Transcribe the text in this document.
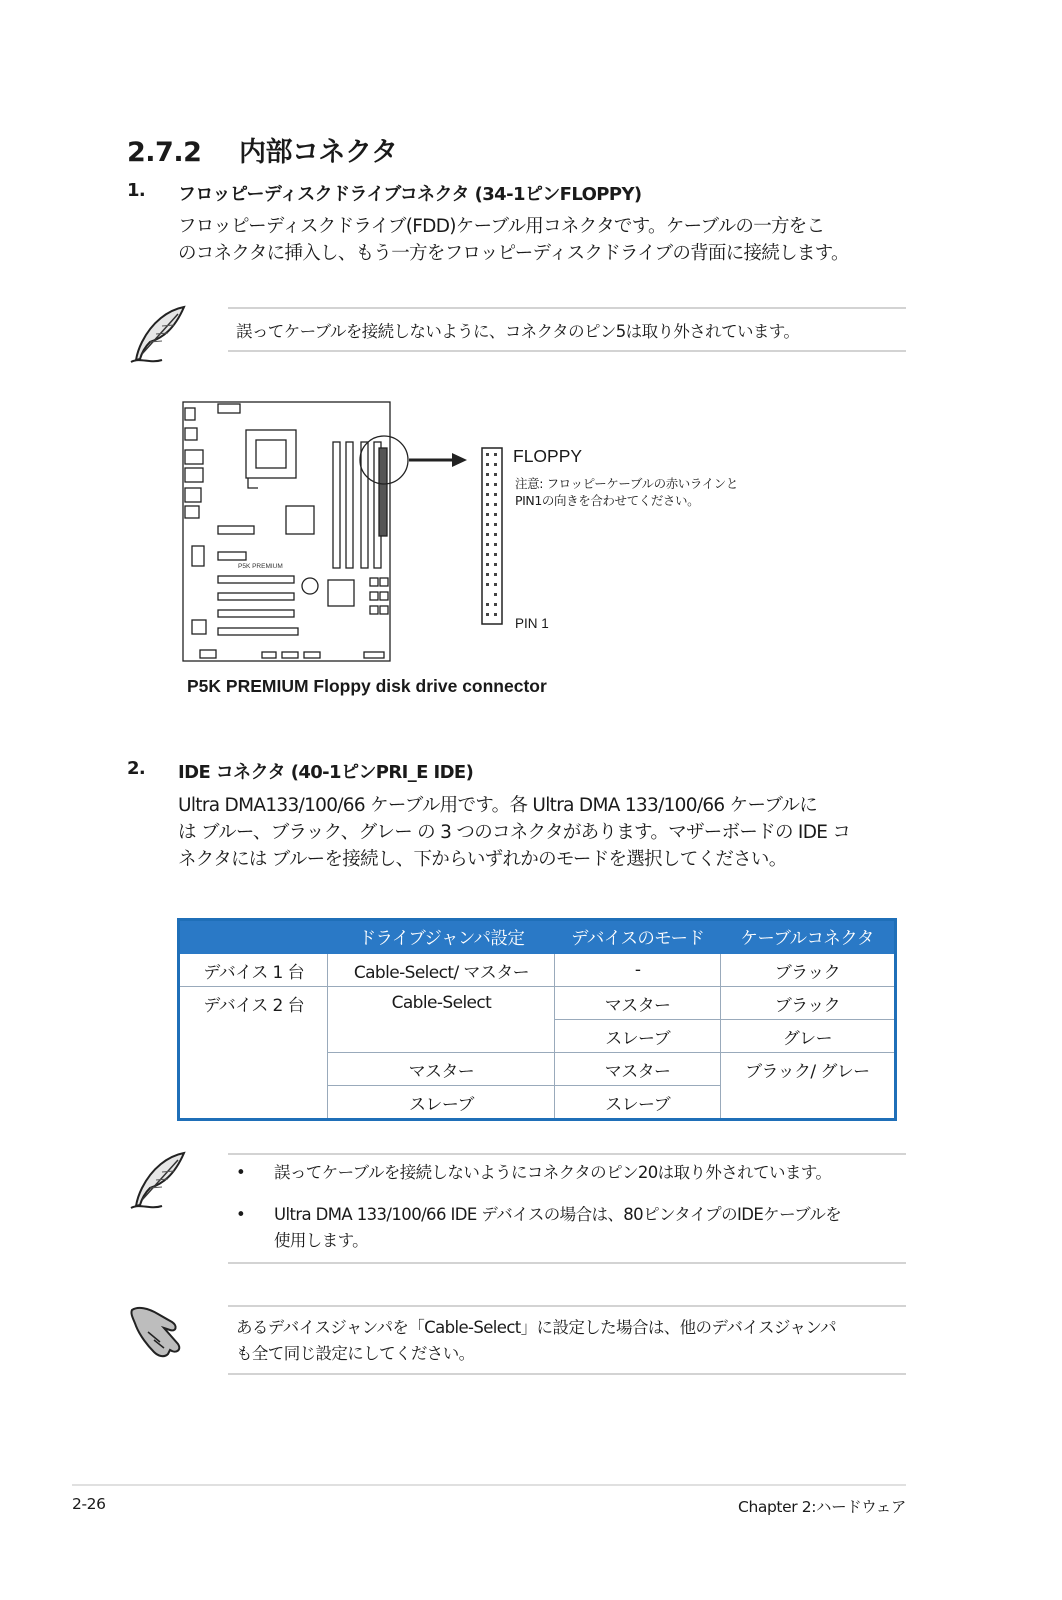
2.7.2 内部コネクタ
1. フロッピーディスクドライブコネクタ (34-1ピンFLOPPY)
フロッピーディスクドライブ(FDD)ケーブル用コネクタです。ケーブルの一方をこ
のコネクタに挿入し、もう一方をフロッピーディスクドライブの背面に接続します。
誤ってケーブルを接続しないように、コネクタのピン5は取り外されています。
P5K PREMIUM
FLOPPY
注意: フロッピーケーブルの赤いラインと
PIN1の向きを合わせてください。
PIN 1
P5K PREMIUM Floppy disk drive connector
2. IDE コネクタ (40-1ピンPRI_E IDE)
Ultra DMA133/100/66 ケーブル用です。各 Ultra DMA 133/100/66 ケーブルに
は ブルー、ブラック、グレー の 3 つのコネクタがあります。マザーボードの IDE コ
ネクタには ブルーを接続し、下からいずれかのモードを選択してください。
	ドライブジャンパ設定	デバイスのモード	ケーブルコネクタ
デバイス 1 台	Cable-Select/ マスター	-	ブラック
デバイス 2 台	Cable-Select	マスター	ブラック
		スレーブ	グレー
	マスター	マスター	ブラック/ グレー
	スレーブ	スレーブ	
• 誤ってケーブルを接続しないようにコネクタのピン20は取り外されています。
• Ultra DMA 133/100/66 IDE デバイスの場合は、80ピンタイプのIDEケーブルを
使用します。
あるデバイスジャンパを「Cable-Select」に設定した場合は、他のデバイスジャンパ
も全て同じ設定にしてください。
2-26	Chapter 2:ハードウェア
